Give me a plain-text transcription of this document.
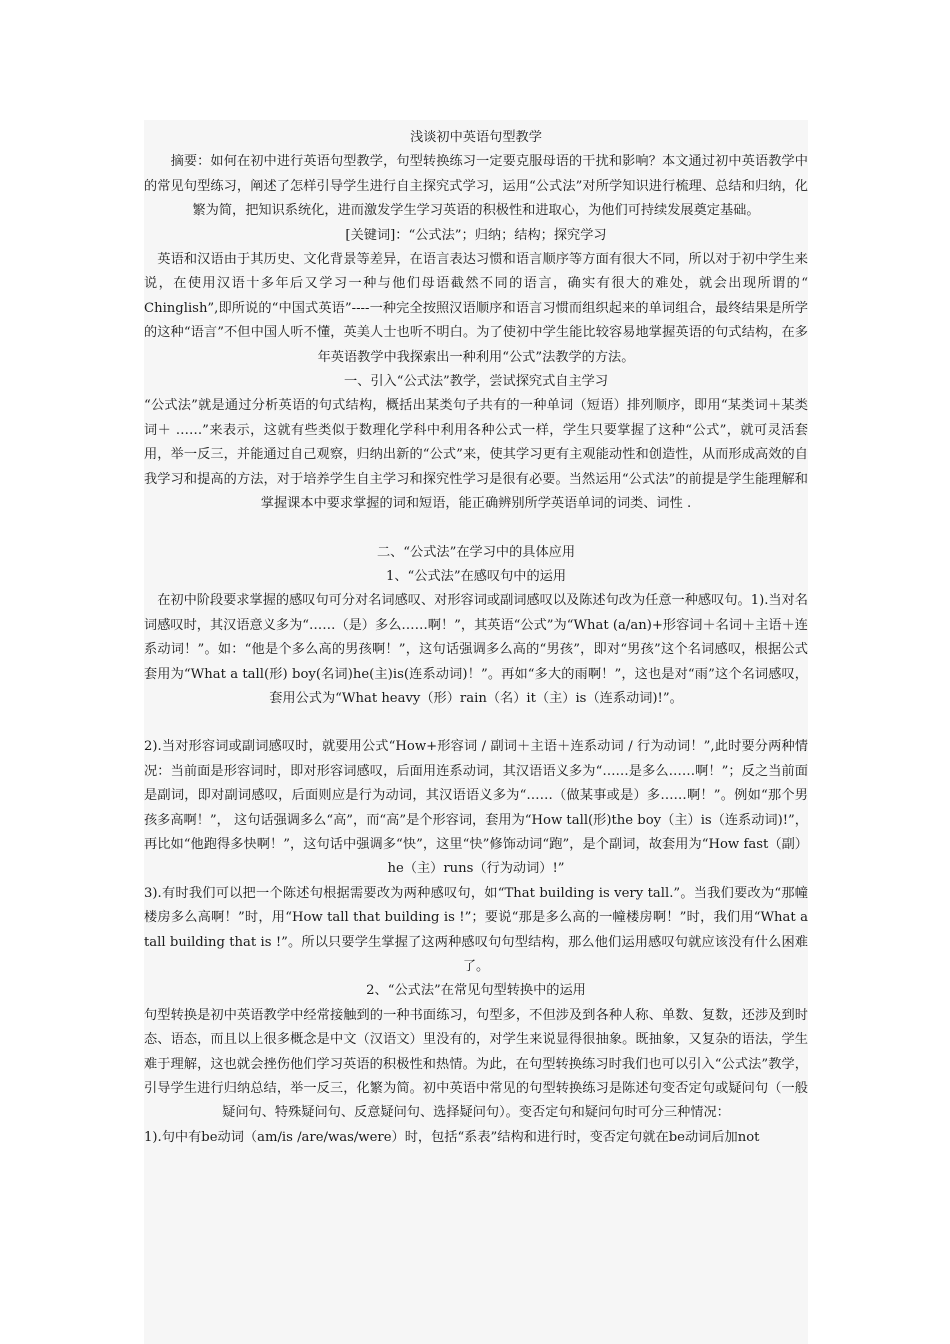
浅谈初中英语句型教学

　　摘要：如何在初中进行英语句型教学，句型转换练习一定要克服母语的干扰和影响？本文通过初中英语教学中的常见句型练习，阐述了怎样引导学生进行自主探究式学习，运用“公式法”对所学知识进行梳理、总结和归纳，化繁为简，把知识系统化，进而激发学生学习英语的积极性和进取心，为他们可持续发展奠定基础。

[关键词]：“公式法”；归纳；结构；探究学习

　英语和汉语由于其历史、文化背景等差异，在语言表达习惯和语言顺序等方面有很大不同，所以对于初中学生来说，在使用汉语十多年后又学习一种与他们母语截然不同的语言，确实有很大的难处，就会出现所谓的“ Chinglish”,即所说的“中国式英语”----一种完全按照汉语顺序和语言习惯而组织起来的单词组合，最终结果是所学的这种“语言”不但中国人听不懂，英美人士也听不明白。为了使初中学生能比较容易地掌握英语的句式结构，在多年英语教学中我探索出一种利用“公式”法教学的方法。

一、引入“公式法”教学，尝试探究式自主学习

“公式法”就是通过分析英语的句式结构，概括出某类句子共有的一种单词（短语）排列顺序，即用“某类词＋某类词＋ ……”来表示，这就有些类似于数理化学科中利用各种公式一样，学生只要掌握了这种“公式”，就可灵活套用，举一反三，并能通过自己观察，归纳出新的“公式”来，使其学习更有主观能动性和创造性，从而形成高效的自我学习和提高的方法，对于培养学生自主学习和探究性学习是很有必要。当然运用“公式法”的前提是学生能理解和掌握课本中要求掌握的词和短语，能正确辨别所学英语单词的词类、词性 .

二、“公式法”在学习中的具体应用

1、“公式法”在感叹句中的运用

　在初中阶段要求掌握的感叹句可分对名词感叹、对形容词或副词感叹以及陈述句改为任意一种感叹句。1).当对名词感叹时，其汉语意义多为“……（是）多么……啊！”，其英语“公式”为“What (a/an)+形容词＋名词＋主语＋连系动词！”。如：“他是个多么高的男孩啊！”，这句话强调多么高的“男孩”，即对“男孩”这个名词感叹，根据公式套用为“What a tall(形) boy(名词)he(主)is(连系动词)！”。再如“多大的雨啊！”，这也是对“雨”这个名词感叹，套用公式为“What heavy（形）rain（名）it（主）is（连系动词)!”。

2).当对形容词或副词感叹时，就要用公式“How+形容词 / 副词＋主语＋连系动词 / 行为动词！”,此时要分两种情况：当前面是形容词时，即对形容词感叹，后面用连系动词，其汉语语义多为“……是多么……啊！”；反之当前面是副词，即对副词感叹，后面则应是行为动词，其汉语语义多为“……（做某事或是）多……啊！”。例如“那个男孩多高啊！”， 这句话强调多么“高”，而“高”是个形容词，套用为“How tall(形)the boy（主）is（连系动词)!”，再比如“他跑得多快啊！”，这句话中强调多“快”，这里“快”修饰动词“跑”，是个副词，故套用为“How fast（副）he（主）runs（行为动词）!”

3).有时我们可以把一个陈述句根据需要改为两种感叹句，如“That building is very tall.”。当我们要改为“那幢楼房多么高啊！”时，用“How tall that building is !”；要说“那是多么高的一幢楼房啊！”时，我们用“What a tall building that is !”。所以只要学生掌握了这两种感叹句句型结构，那么他们运用感叹句就应该没有什么困难了。

2、“公式法”在常见句型转换中的运用

句型转换是初中英语教学中经常接触到的一种书面练习，句型多，不但涉及到各种人称、单数、复数，还涉及到时态、语态，而且以上很多概念是中文（汉语文）里没有的，对学生来说显得很抽象。既抽象，又复杂的语法，学生难于理解，这也就会挫伤他们学习英语的积极性和热情。为此，在句型转换练习时我们也可以引入“公式法”教学，引导学生进行归纳总结，举一反三，化繁为简。初中英语中常见的句型转换练习是陈述句变否定句或疑问句（一般疑问句、特殊疑问句、反意疑问句、选择疑问句）。变否定句和疑问句时可分三种情况：

1).句中有be动词（am/is /are/was/were）时，包括“系表”结构和进行时，变否定句就在be动词后加not
